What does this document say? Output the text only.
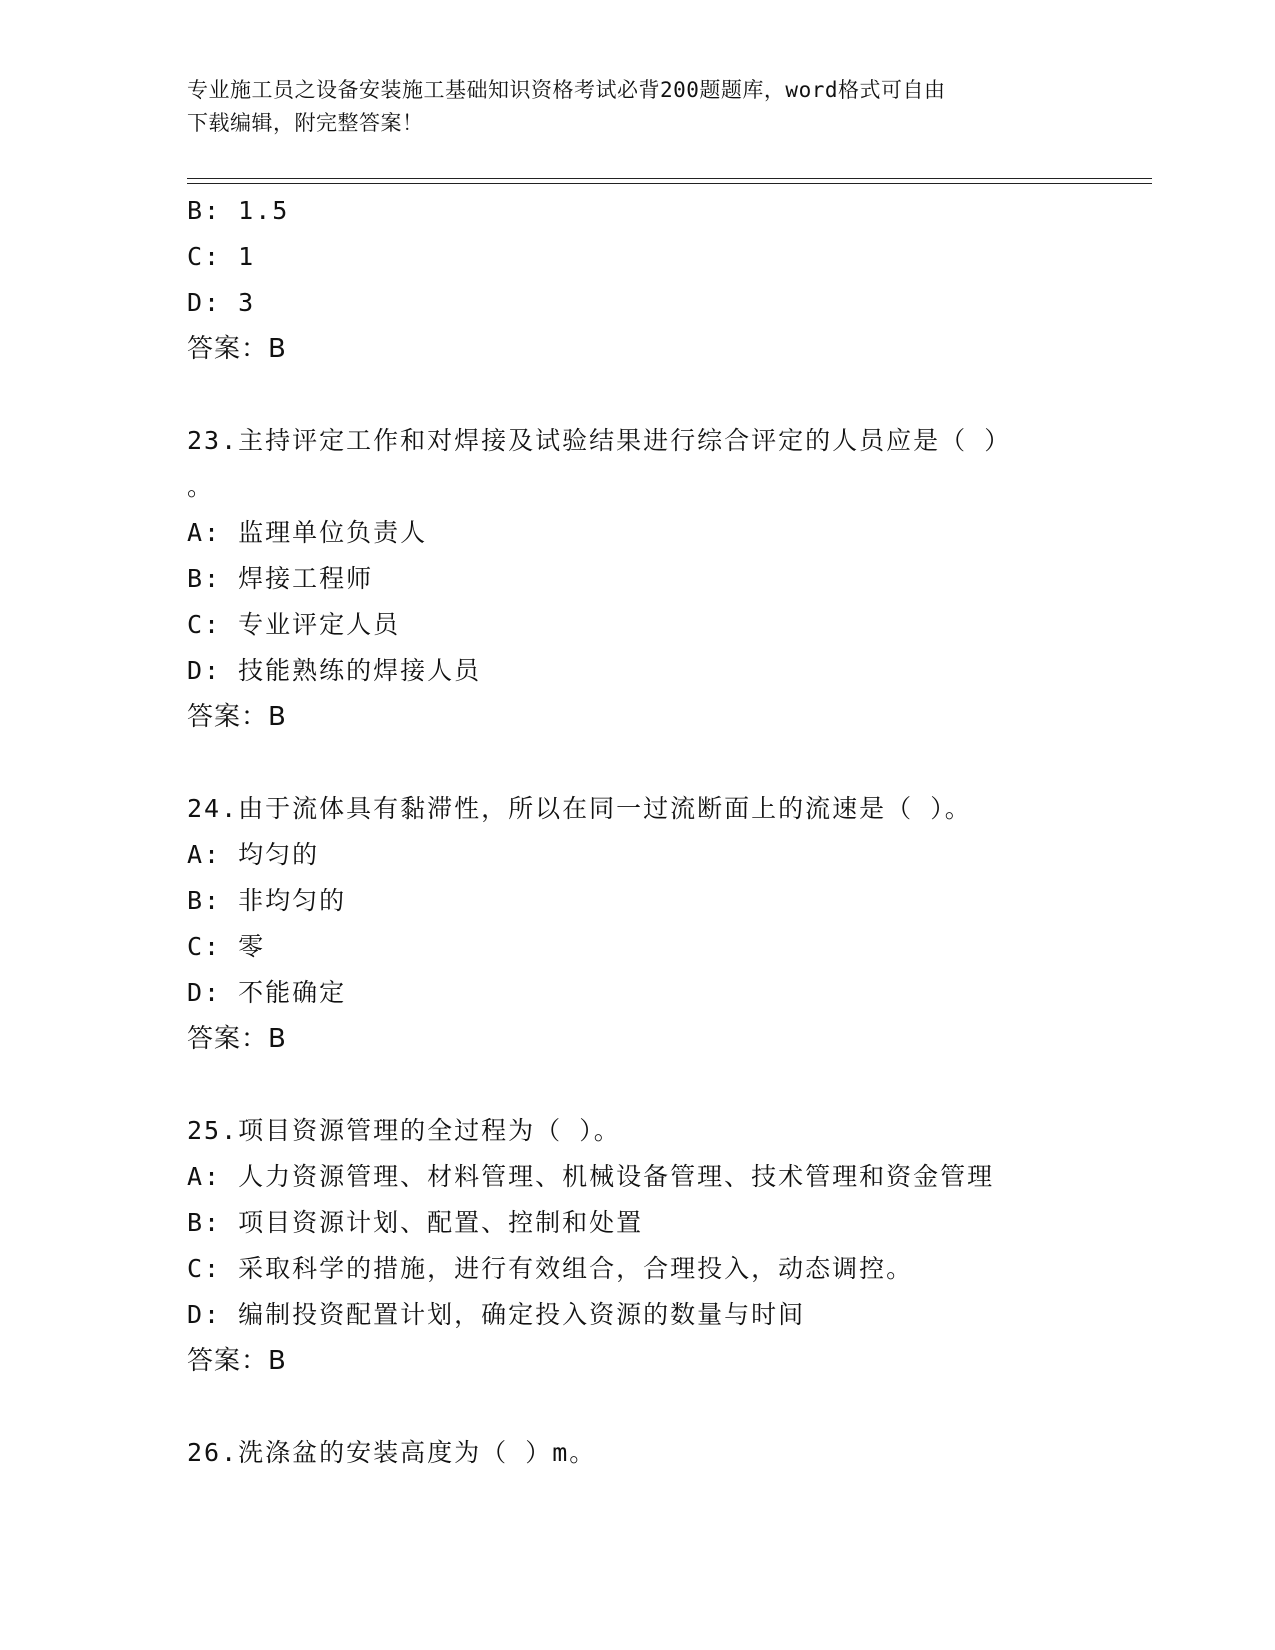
专业施工员之设备安装施工基础知识资格考试必背200题题库，word格式可自由
下载编辑，附完整答案！
B: 1.5
C: 1
D: 3
答案：B
23.主持评定工作和对焊接及试验结果进行综合评定的人员应是（ ）
。
A: 监理单位负责人
B: 焊接工程师
C: 专业评定人员
D: 技能熟练的焊接人员
答案：B
24.由于流体具有黏滞性，所以在同一过流断面上的流速是（ ）。
A: 均匀的
B: 非均匀的
C: 零
D: 不能确定
答案：B
25.项目资源管理的全过程为（ ）。
A: 人力资源管理、材料管理、机械设备管理、技术管理和资金管理
B: 项目资源计划、配置、控制和处置
C: 采取科学的措施，进行有效组合，合理投入，动态调控。
D: 编制投资配置计划，确定投入资源的数量与时间
答案：B
26.洗涤盆的安装高度为（ ）m。
